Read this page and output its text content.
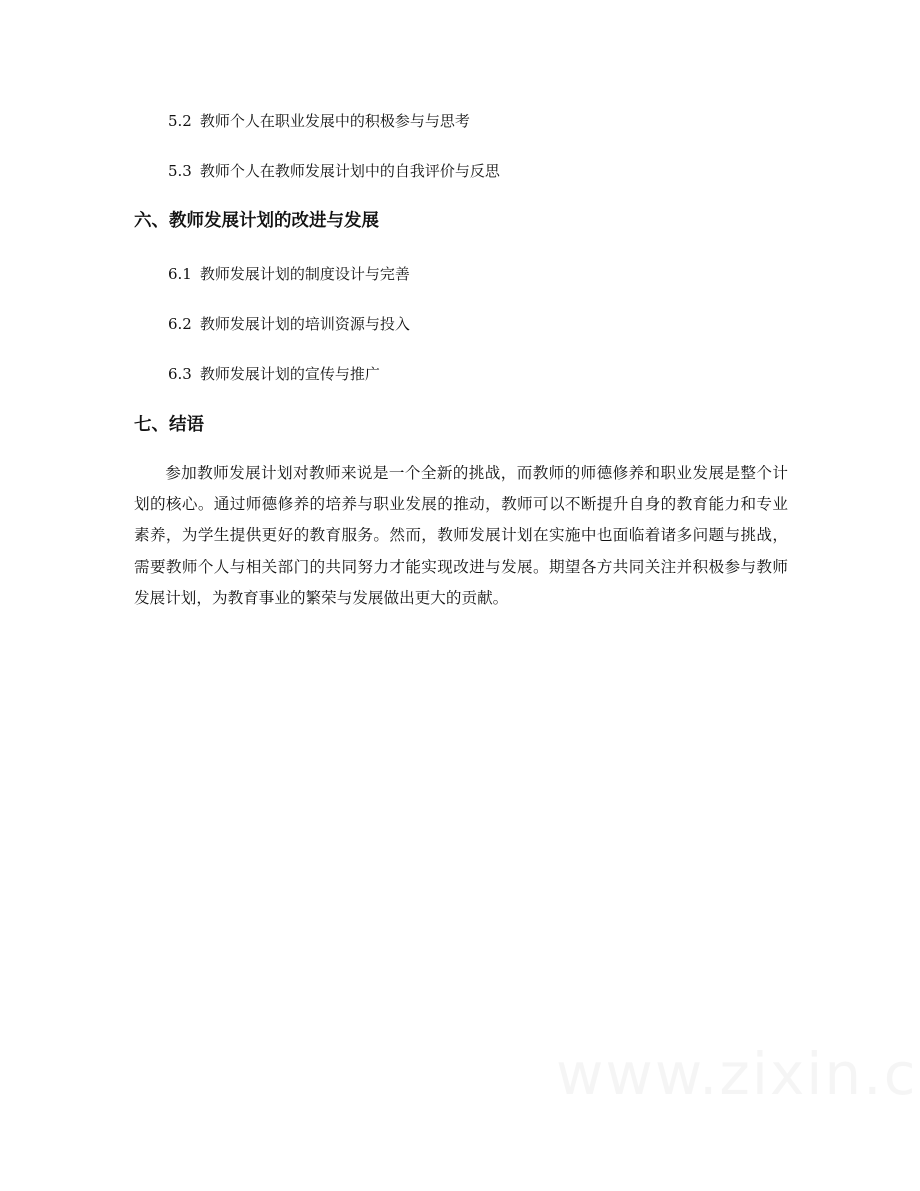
5.2 教师个人在职业发展中的积极参与与思考
5.3 教师个人在教师发展计划中的自我评价与反思
六、教师发展计划的改进与发展
6.1 教师发展计划的制度设计与完善
6.2 教师发展计划的培训资源与投入
6.3 教师发展计划的宣传与推广
七、结语

参加教师发展计划对教师来说是一个全新的挑战，而教师的师德修养和职业发展是整个计划的核心。通过师德修养的培养与职业发展的推动，教师可以不断提升自身的教育能力和专业素养，为学生提供更好的教育服务。然而，教师发展计划在实施中也面临着诸多问题与挑战，需要教师个人与相关部门的共同努力才能实现改进与发展。期望各方共同关注并积极参与教师发展计划，为教育事业的繁荣与发展做出更大的贡献。
